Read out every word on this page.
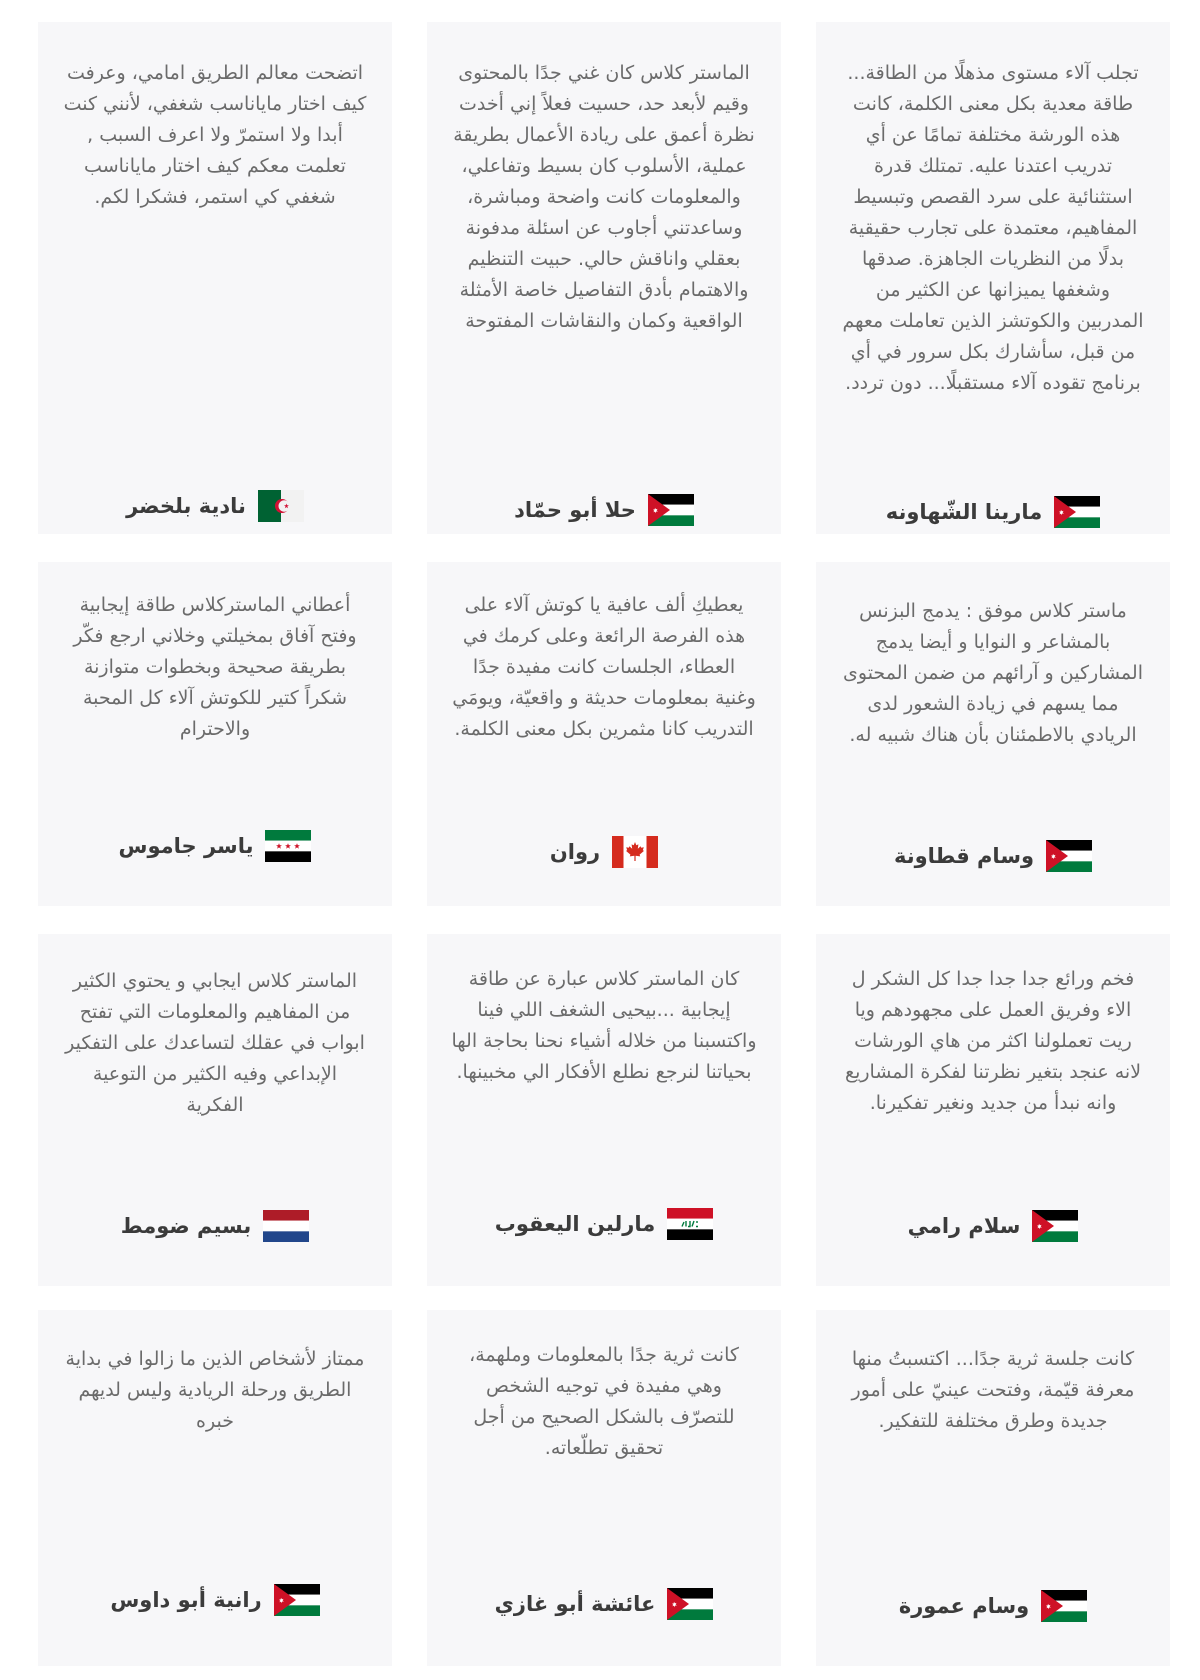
تجلب آلاء مستوى مذهلًا من الطاقة... طاقة معدية بكل معنى الكلمة، كانت هذه الورشة مختلفة تمامًا عن أي تدريب اعتدنا عليه. تمتلك قدرة استثنائية على سرد القصص وتبسيط المفاهيم، معتمدة على تجارب حقيقية بدلًا من النظريات الجاهزة. صدقها وشغفها يميزانها عن الكثير من المدربين والكوتشز الذين تعاملت معهم من قبل، سأشارك بكل سرور في أي برنامج تقوده آلاء مستقبلًا... دون تردد.

مارينا الشّهاونه

الماستر كلاس كان غني جدًا بالمحتوى وقيم لأبعد حد، حسيت فعلاً إني أخدت نظرة أعمق على ريادة الأعمال بطريقة عملية، الأسلوب كان بسيط وتفاعلي، والمعلومات كانت واضحة ومباشرة، وساعدتني أجاوب عن اسئلة مدفونة بعقلي واناقش حالي. حبيت التنظيم والاهتمام بأدق التفاصيل خاصة الأمثلة الواقعية وكمان والنقاشات المفتوحة

حلا أبو حمّاد

اتضحت معالم الطريق امامي، وعرفت كيف اختار ماياناسب شغفي، لأنني كنت أبدا ولا استمرّ ولا اعرف السبب , تعلمت معكم كيف اختار ماياناسب شغفي كي استمر، فشكرا لكم.

نادية بلخضر

ماستر كلاس موفق : يدمج البزنس بالمشاعر و النوايا و أيضا يدمج المشاركين و آرائهم من ضمن المحتوى مما يسهم في زيادة الشعور لدى الريادي بالاطمئنان بأن هناك شبيه له.

وسام قطاونة

يعطيكِ ألف عافية يا كوتش آلاء على هذه الفرصة الرائعة وعلى كرمك في العطاء، الجلسات كانت مفيدة جدًا وغنية بمعلومات حديثة و واقعيّة، ويومَي التدريب كانا مثمرين بكل معنى الكلمة.

روان

أعطاني الماستركلاس طاقة إيجابية وفتح آفاق بمخيلتي وخلاني ارجع فكّر بطريقة صحيحة وبخطوات متوازنة شكراً كتير للكوتش آلاء كل المحبة والاحترام

ياسر جاموس

فخم ورائع جدا جدا جدا كل الشكر ل الاء وفريق العمل على مجهودهم ويا ريت تعملولنا اكثر من هاي الورشات لانه عنجد بتغير نظرتنا لفكرة المشاريع وانه نبدأ من جديد ونغير تفكيرنا.

سلام رامي

كان الماستر كلاس عبارة عن طاقة إيجابية ...بيحيى الشغف اللي فينا واكتسبنا من خلاله أشياء نحنا بحاجة الها بحياتنا لنرجع نطلع الأفكار الي مخبينها.

مارلين اليعقوب

الماستر كلاس ايجابي و يحتوي الكثير من المفاهيم والمعلومات التي تفتح ابواب في عقلك لتساعدك على التفكير الإبداعي وفيه الكثير من التوعية الفكرية

بسيم ضومط

كانت جلسة ثرية جدًا... اكتسبتُ منها معرفة قيّمة، وفتحت عينيّ على أمور جديدة وطرق مختلفة للتفكير.

وسام عمورة

كانت ثرية جدًا بالمعلومات وملهمة، وهي مفيدة في توجيه الشخص للتصرّف بالشكل الصحيح من أجل تحقيق تطلّعاته.

عائشة أبو غازي

ممتاز لأشخاص الذين ما زالوا في بداية الطريق ورحلة الريادية وليس لديهم خبره

رانية أبو داوس
